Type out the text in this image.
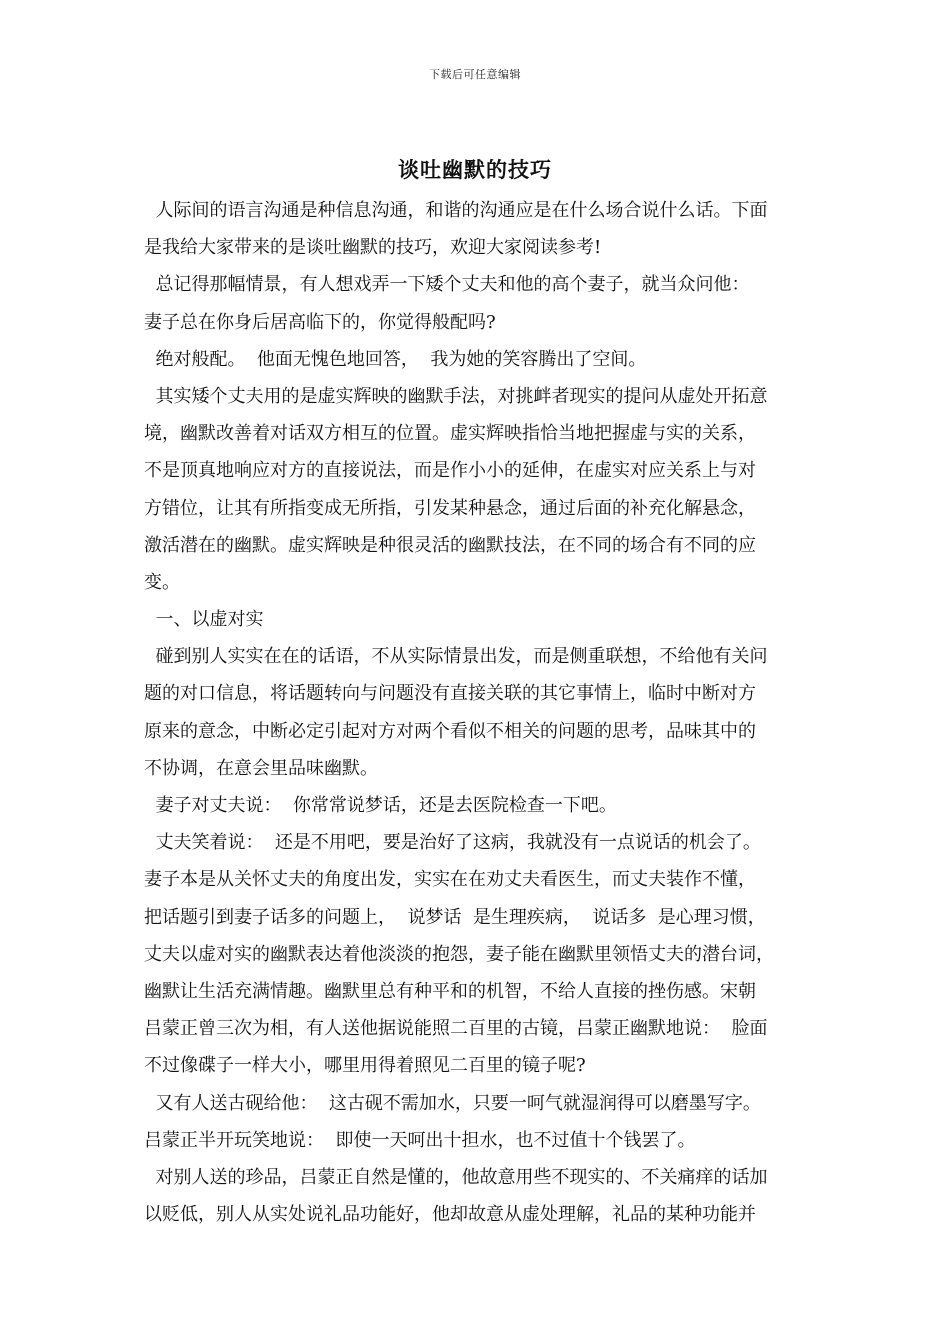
下载后可任意编辑
谈吐幽默的技巧
人际间的语言沟通是种信息沟通，和谐的沟通应是在什么场合说什么话。下面
是我给大家带来的是谈吐幽默的技巧，欢迎大家阅读参考!
总记得那幅情景，有人想戏弄一下矮个丈夫和他的高个妻子，就当众问他：
妻子总在你身后居高临下的，你觉得般配吗?
绝对般配。  他面无愧色地回答，  我为她的笑容腾出了空间。
其实矮个丈夫用的是虚实辉映的幽默手法，对挑衅者现实的提问从虚处开拓意
境，幽默改善着对话双方相互的位置。虚实辉映指恰当地把握虚与实的关系，
不是顶真地响应对方的直接说法，而是作小小的延伸，在虚实对应关系上与对
方错位，让其有所指变成无所指，引发某种悬念，通过后面的补充化解悬念，
激活潜在的幽默。虚实辉映是种很灵活的幽默技法，在不同的场合有不同的应
变。
一、以虚对实
碰到别人实实在在的话语，不从实际情景出发，而是侧重联想，不给他有关问
题的对口信息，将话题转向与问题没有直接关联的其它事情上，临时中断对方
原来的意念，中断必定引起对方对两个看似不相关的问题的思考，品味其中的
不协调，在意会里品味幽默。
妻子对丈夫说：  你常常说梦话，还是去医院检查一下吧。
丈夫笑着说：  还是不用吧，要是治好了这病，我就没有一点说话的机会了。
妻子本是从关怀丈夫的角度出发，实实在在劝丈夫看医生，而丈夫装作不懂，
把话题引到妻子话多的问题上，  说梦话  是生理疾病，  说话多  是心理习惯，
丈夫以虚对实的幽默表达着他淡淡的抱怨，妻子能在幽默里领悟丈夫的潜台词，
幽默让生活充满情趣。幽默里总有种平和的机智，不给人直接的挫伤感。宋朝
吕蒙正曾三次为相，有人送他据说能照二百里的古镜，吕蒙正幽默地说：  脸面
不过像碟子一样大小，哪里用得着照见二百里的镜子呢?
又有人送古砚给他：  这古砚不需加水，只要一呵气就湿润得可以磨墨写字。
吕蒙正半开玩笑地说：  即使一天呵出十担水，也不过值十个钱罢了。
对别人送的珍品，吕蒙正自然是懂的，他故意用些不现实的、不关痛痒的话加
以贬低，别人从实处说礼品功能好，他却故意从虚处理解，礼品的某种功能并
